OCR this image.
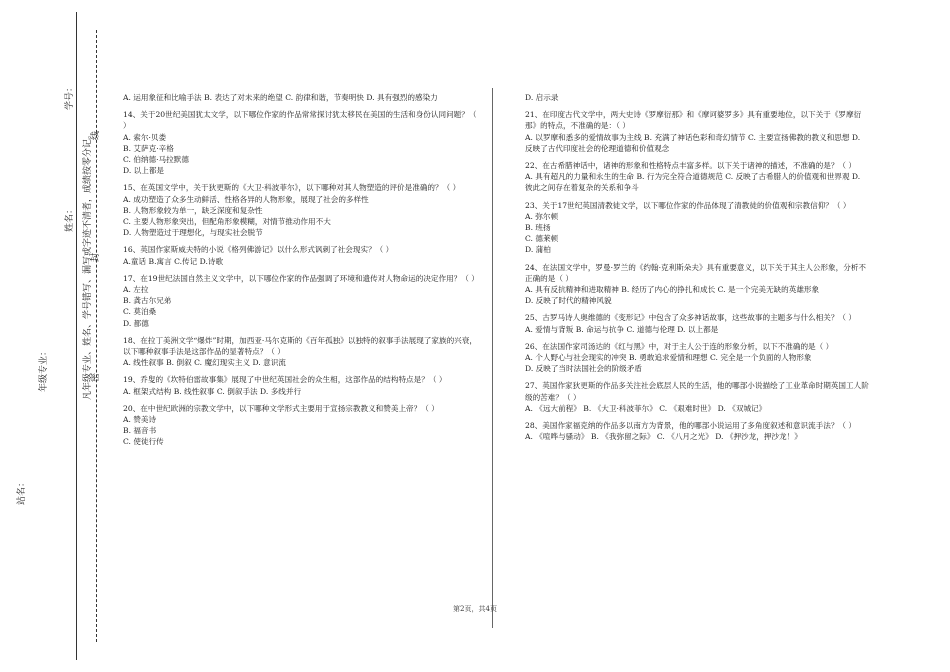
学号：
姓名：
年级专业：
站名：
凡年级专业、姓名、学号错写、漏写或字迹不清者，成绩按零分记。
线
封
密

A. 运用象征和比喻手法 B. 表达了对未来的绝望 C. 韵律和谐，节奏明快 D. 具有强烈的感染力

14、关于20世纪美国犹太文学，以下哪位作家的作品常常探讨犹太移民在美国的生活和身份认同问题？（ ）

A. 索尔·贝娄

B. 艾萨克·辛格

C. 伯纳德·马拉默德

D. 以上都是

15、在英国文学中，关于狄更斯的《大卫·科波菲尔》，以下哪种对其人物塑造的评价是准确的？（ ）

A. 成功塑造了众多生动鲜活、性格各异的人物形象，展现了社会的多样性

B. 人物形象较为单一，缺乏深度和复杂性

C. 主要人物形象突出，但配角形象模糊，对情节推动作用不大

D. 人物塑造过于理想化，与现实社会脱节

16、英国作家斯威夫特的小说《格列佛游记》以什么形式讽刺了社会现实？（ ）

A.童话 B.寓言 C.传记 D.诗歌

17、在19世纪法国自然主义文学中，以下哪位作家的作品强调了环境和遗传对人物命运的决定作用？（ ）

A. 左拉

B. 龚古尔兄弟

C. 莫泊桑

D. 都德

18、在拉丁美洲文学“爆炸”时期，加西亚·马尔克斯的《百年孤独》以独特的叙事手法展现了家族的兴衰，以下哪种叙事手法是这部作品的显著特点？（ ）

A. 线性叙事 B. 倒叙 C. 魔幻现实主义 D. 意识流

19、乔叟的《坎特伯雷故事集》展现了中世纪英国社会的众生相，这部作品的结构特点是？（ ）

A. 框架式结构 B. 线性叙事 C. 倒叙手法 D. 多线并行

20、在中世纪欧洲的宗教文学中，以下哪种文学形式主要用于宣扬宗教教义和赞美上帝？（ ）

A. 赞美诗

B. 福音书

C. 使徒行传

D. 启示录

21、在印度古代文学中，两大史诗《罗摩衍那》和《摩诃婆罗多》具有重要地位，以下关于《罗摩衍那》的特点，不准确的是：（ ）

A. 以罗摩和悉多的爱情故事为主线 B. 充满了神话色彩和奇幻情节 C. 主要宣扬佛教的教义和思想 D. 反映了古代印度社会的伦理道德和价值观念

22、在古希腊神话中，诸神的形象和性格特点丰富多样。以下关于诸神的描述，不准确的是？（ ）

A. 具有超凡的力量和永生的生命 B. 行为完全符合道德规范 C. 反映了古希腊人的价值观和世界观 D. 彼此之间存在着复杂的关系和争斗

23、关于17世纪英国清教徒文学，以下哪位作家的作品体现了清教徒的价值观和宗教信仰？（ ）

A. 弥尔顿

B. 班扬

C. 德莱顿

D. 蒲柏

24、在法国文学中，罗曼·罗兰的《约翰·克利斯朵夫》具有重要意义，以下关于其主人公形象，分析不正确的是（ ）

A. 具有反抗精神和进取精神 B. 经历了内心的挣扎和成长 C. 是一个完美无缺的英雄形象

D. 反映了时代的精神风貌

25、古罗马诗人奥维德的《变形记》中包含了众多神话故事，这些故事的主题多与什么相关？（ ）

A. 爱情与背叛 B. 命运与抗争 C. 道德与伦理 D. 以上都是

26、在法国作家司汤达的《红与黑》中，对于主人公于连的形象分析，以下不准确的是（ ）

A. 个人野心与社会现实的冲突 B. 勇敢追求爱情和理想 C. 完全是一个负面的人物形象

D. 反映了当时法国社会的阶级矛盾

27、英国作家狄更斯的作品多关注社会底层人民的生活，他的哪部小说描绘了工业革命时期英国工人阶级的苦难？（ ）

A. 《远大前程》 B. 《大卫·科波菲尔》 C. 《艰难时世》 D. 《双城记》

28、美国作家福克纳的作品多以南方为背景，他的哪部小说运用了多角度叙述和意识流手法？（ ）

A. 《喧哗与骚动》 B. 《我弥留之际》 C. 《八月之光》 D. 《押沙龙，押沙龙！》

第2页，共4页
